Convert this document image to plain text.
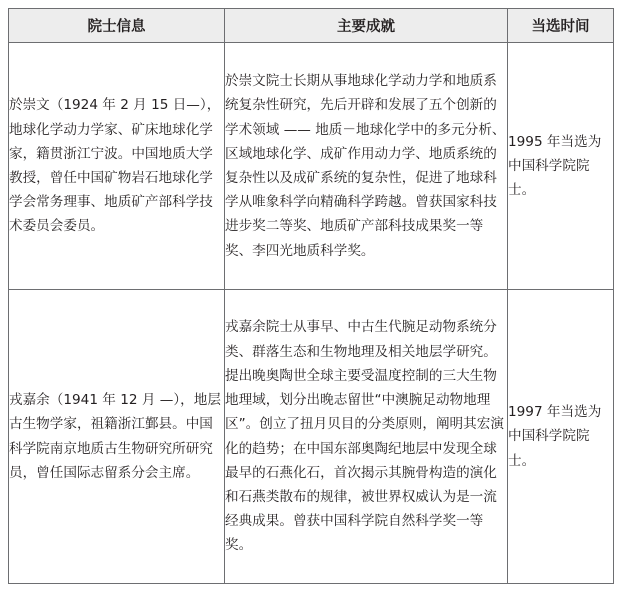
院士信息	主要成就	当选时间
於崇文（1924 年 2 月 15 日—），地球化学动力学家、矿床地球化学家，籍贯浙江宁波。中国地质大学教授，曾任中国矿物岩石地球化学学会常务理事、地质矿产部科学技术委员会委员。	於崇文院士长期从事地球化学动力学和地质系统复杂性研究，先后开辟和发展了五个创新的学术领域 —— 地质－地球化学中的多元分析、区域地球化学、成矿作用动力学、地质系统的复杂性以及成矿系统的复杂性，促进了地球科学从唯象科学向精确科学跨越。曾获国家科技进步奖二等奖、地质矿产部科技成果奖一等奖、李四光地质科学奖。	1995 年当选为中国科学院院士。
戎嘉余（1941 年 12 月 —），地层古生物学家，祖籍浙江鄞县。中国科学院南京地质古生物研究所研究员，曾任国际志留系分会主席。	戎嘉余院士从事早、中古生代腕足动物系统分类、群落生态和生物地理及相关地层学研究。提出晚奥陶世全球主要受温度控制的三大生物地理域，划分出晚志留世“中澳腕足动物地理区”。创立了扭月贝目的分类原则，阐明其宏演化的趋势；在中国东部奥陶纪地层中发现全球最早的石燕化石，首次揭示其腕骨构造的演化和石燕类散布的规律，被世界权威认为是一流经典成果。曾获中国科学院自然科学奖一等奖。	1997 年当选为中国科学院院士。
